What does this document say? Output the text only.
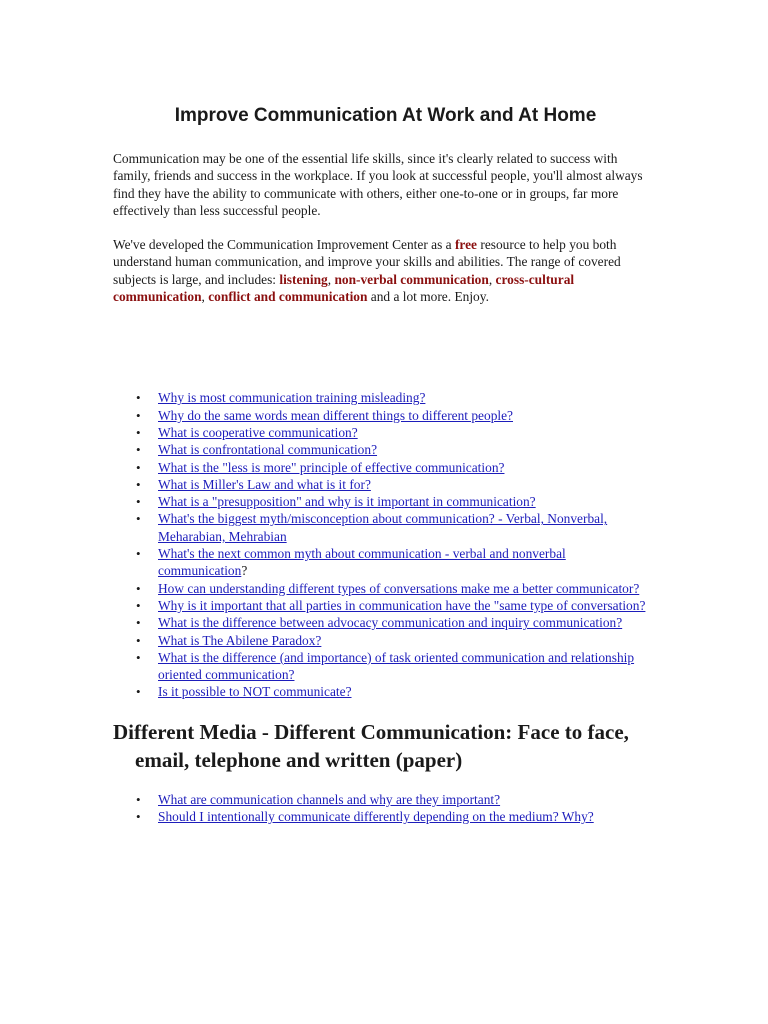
Improve Communication At Work and At Home

Communication may be one of the essential life skills, since it's clearly related to success with family, friends and success in the workplace. If you look at successful people, you'll almost always find they have the ability to communicate with others, either one-to-one or in groups, far more effectively than less successful people.

We've developed the Communication Improvement Center as a free resource to help you both understand human communication, and improve your skills and abilities. The range of covered subjects is large, and includes: listening, non-verbal communication, cross-cultural communication, conflict and communication and a lot more. Enjoy.

• Why is most communication training misleading?
• Why do the same words mean different things to different people?
• What is cooperative communication?
• What is confrontational communication?
• What is the "less is more" principle of effective communication?
• What is Miller's Law and what is it for?
• What is a "presupposition" and why is it important in communication?
• What's the biggest myth/misconception about communication? - Verbal, Nonverbal, Meharabian, Mehrabian
• What's the next common myth about communication - verbal and nonverbal communication?
• How can understanding different types of conversations make me a better communicator?
• Why is it important that all parties in communication have the "same type of conversation?
• What is the difference between advocacy communication and inquiry communication?
• What is The Abilene Paradox?
• What is the difference (and importance) of task oriented communication and relationship oriented communication?
• Is it possible to NOT communicate?
Different Media - Different Communication: Face to face, email, telephone and written (paper)
• What are communication channels and why are they important?
• Should I intentionally communicate differently depending on the medium? Why?
